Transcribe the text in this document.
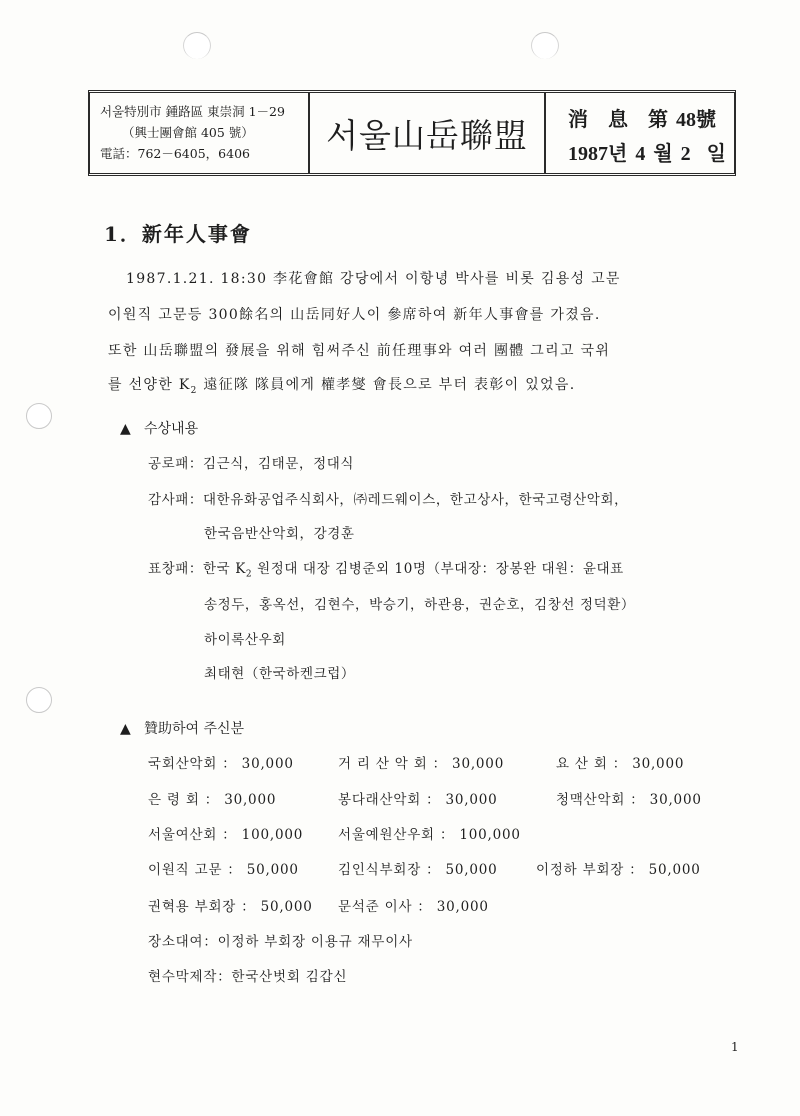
서울特別市 鍾路區 東崇洞 1－29
（興士團會館 405 號）
電話：762－6405，6406	서울山岳聯盟	消　息　第 48號
1987년 4 월 2 일
1．新年人事會
1987.1.21. 18:30 李花會館 강당에서 이항녕 박사를 비롯 김용성 고문
이원직 고문등 300餘名의 山岳同好人이 參席하여 新年人事會를 가졌음.
또한 山岳聯盟의 發展을 위해 힘써주신 前任理事와 여러 團體 그리고 국위
를 선양한 $K_2$ 遠征隊 隊員에게 權孝燮 會長으로 부터 表彰이 있었음.
▲ 수상내용
공로패：김근식，김태문，정대식
감사패：대한유화공업주식회사，㈜레드웨이스，한고상사，한국고령산악회，
한국음반산악회，강경훈
표창패：한국 $K_2$ 원정대 대장 김병준외 10명（부대장：장봉완 대원：윤대표
송정두，홍옥선，김현수，박승기，하관용，권순호，김창선 정덕환）
하이록산우회
최태현（한국하켄크럽）
▲ 贊助하여 주신분
국회산악회 ： 30,000	거 리 산 악 회 ： 30,000	요 산 회 ： 30,000
은 령 회 ： 30,000	봉다래산악회 ： 30,000	청맥산악회 ： 30,000
서울여산회 ： 100,000	서울예원산우회 ： 100,000
이원직 고문 ： 50,000	김인식부회장 ： 50,000	이정하 부회장 ： 50,000
권혁용 부회장 ： 50,000 문석준 이사 ： 30,000
장소대여：이정하 부회장 이용규 재무이사
현수막제작：한국산벗회 김갑신
1
